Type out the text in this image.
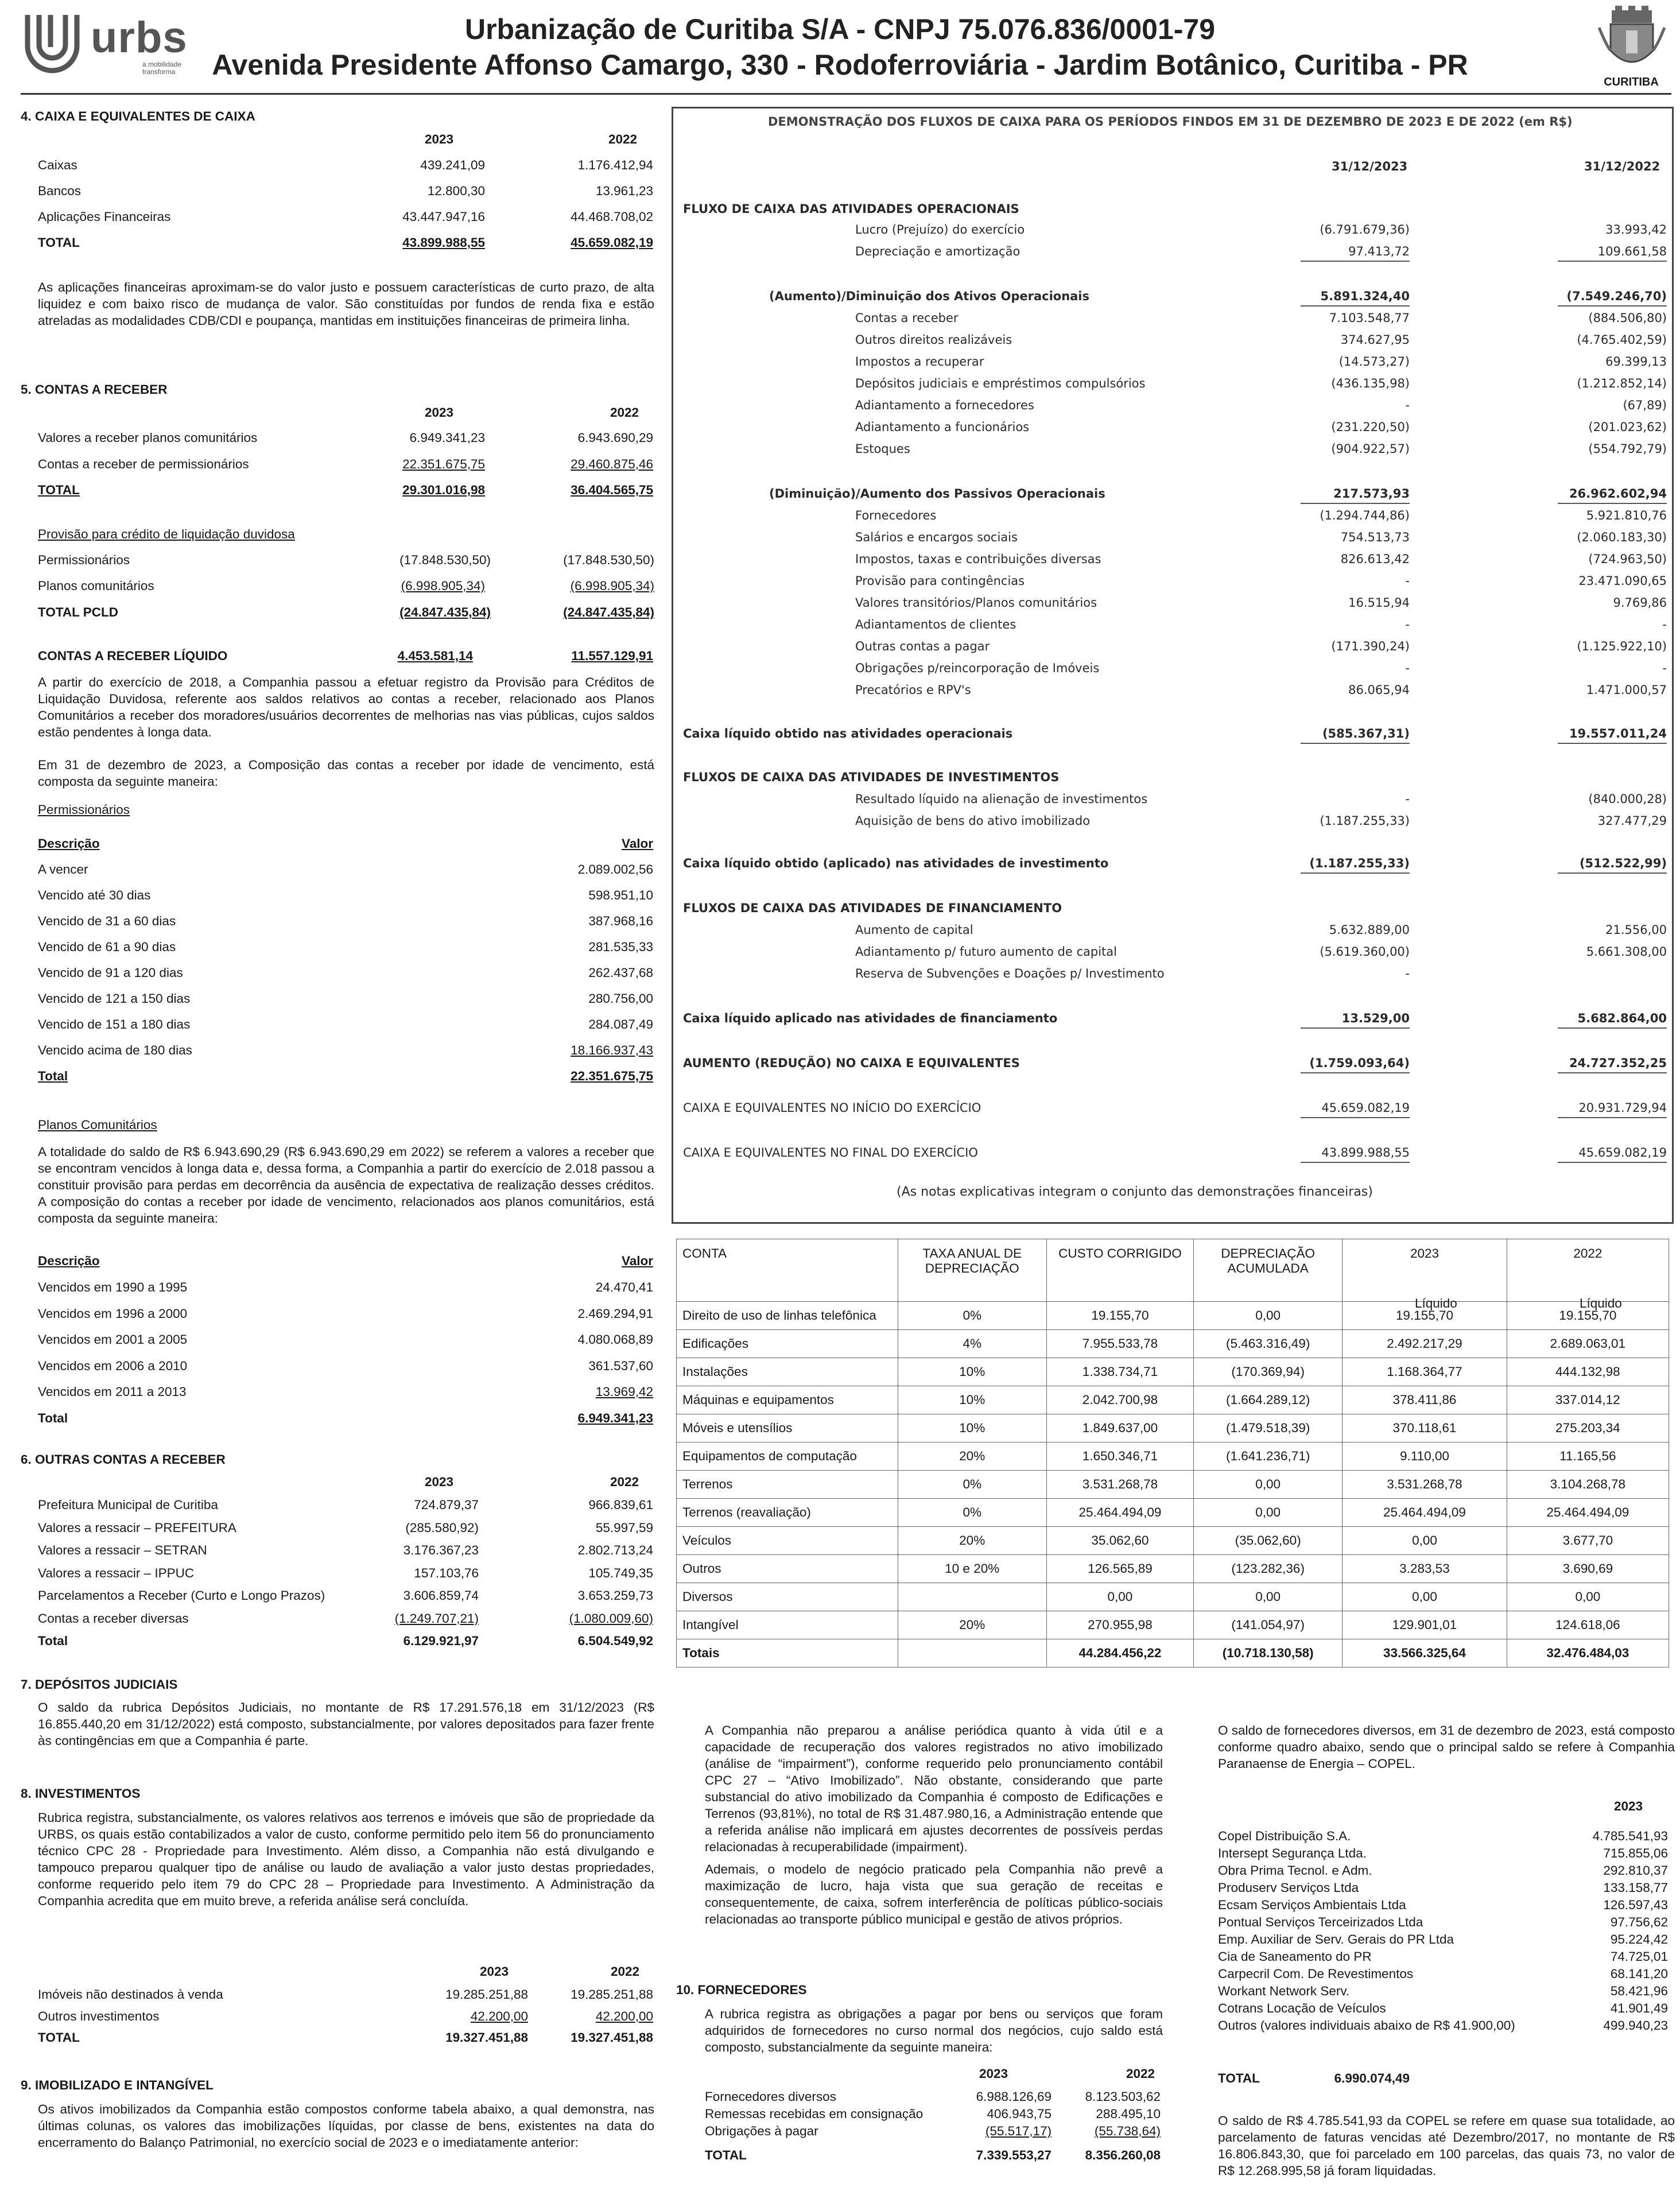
urbs
a mobilidade transforma
Urbanização de Curitiba S/A - CNPJ 75.076.836/0001-79
Avenida Presidente Affonso Camargo, 330 - Rodoferroviária - Jardim Botânico, Curitiba - PR
CURITIBA
4. CAIXA E EQUIVALENTES DE CAIXA
2023	2022
Caixas	439.241,09	1.176.412,94
Bancos	12.800,30	13.961,23
Aplicações Financeiras	43.447.947,16	44.468.708,02
TOTAL	43.899.988,55	45.659.082,19
As aplicações financeiras aproximam-se do valor justo e possuem características de curto prazo, de alta liquidez e com baixo risco de mudança de valor. São constituídas por fundos de renda fixa e estão atreladas as modalidades CDB/CDI e poupança, mantidas em instituições financeiras de primeira linha.
5. CONTAS A RECEBER
2023	2022
Valores a receber planos comunitários	6.949.341,23	6.943.690,29
Contas a receber de permissionários	22.351.675,75	29.460.875,46
TOTAL	29.301.016,98	36.404.565,75
Provisão para crédito de liquidação duvidosa
Permissionários	(17.848.530,50)	(17.848.530,50)
Planos comunitários	(6.998.905,34)	(6.998.905,34)
TOTAL PCLD	(24.847.435,84)	(24.847.435,84)
CONTAS A RECEBER LÍQUIDO	4.453.581,14	11.557.129,91
A partir do exercício de 2018, a Companhia passou a efetuar registro da Provisão para Créditos de Liquidação Duvidosa, referente aos saldos relativos ao contas a receber, relacionado aos Planos Comunitários a receber dos moradores/usuários decorrentes de melhorias nas vias públicas, cujos saldos estão pendentes à longa data.
Em 31 de dezembro de 2023, a Composição das contas a receber por idade de vencimento, está composta da seguinte maneira:
Permissionários
Descrição	Valor
A vencer	2.089.002,56
Vencido até 30 dias	598.951,10
Vencido de 31 a 60 dias	387.968,16
Vencido de 61 a 90 dias	281.535,33
Vencido de 91 a 120 dias	262.437,68
Vencido de 121 a 150 dias	280.756,00
Vencido de 151 a 180 dias	284.087,49
Vencido acima de 180 dias	18.166.937,43
Total	22.351.675,75
Planos Comunitários
A totalidade do saldo de R$ 6.943.690,29 (R$ 6.943.690,29 em 2022) se referem a valores a receber que se encontram vencidos à longa data e, dessa forma, a Companhia a partir do exercício de 2.018 passou a constituir provisão para perdas em decorrência da ausência de expectativa de realização desses créditos. A composição do contas a receber por idade de vencimento, relacionados aos planos comunitários, está composta da seguinte maneira:
Descrição	Valor
Vencidos em 1990 a 1995	24.470,41
Vencidos em 1996 a 2000	2.469.294,91
Vencidos em 2001 a 2005	4.080.068,89
Vencidos em 2006 a 2010	361.537,60
Vencidos em 2011 a 2013	13.969,42
Total	6.949.341,23
6. OUTRAS CONTAS A RECEBER
2023	2022
Prefeitura Municipal de Curitiba	724.879,37	966.839,61
Valores a ressacir – PREFEITURA	(285.580,92)	55.997,59
Valores a ressacir – SETRAN	3.176.367,23	2.802.713,24
Valores a ressacir – IPPUC	157.103,76	105.749,35
Parcelamentos a Receber (Curto e Longo Prazos)	3.606.859,74	3.653.259,73
Contas a receber diversas	(1.249.707,21)	(1.080.009,60)
Total	6.129.921,97	6.504.549,92
7. DEPÓSITOS JUDICIAIS
O saldo da rubrica Depósitos Judiciais, no montante de R$ 17.291.576,18 em 31/12/2023 (R$ 16.855.440,20 em 31/12/2022) está composto, substancialmente, por valores depositados para fazer frente às contingências em que a Companhia é parte.
8. INVESTIMENTOS
Rubrica registra, substancialmente, os valores relativos aos terrenos e imóveis que são de propriedade da URBS, os quais estão contabilizados a valor de custo, conforme permitido pelo item 56 do pronunciamento técnico CPC 28 - Propriedade para Investimento. Além disso, a Companhia não está divulgando e tampouco preparou qualquer tipo de análise ou laudo de avaliação a valor justo destas propriedades, conforme requerido pelo item 79 do CPC 28 – Propriedade para Investimento. A Administração da Companhia acredita que em muito breve, a referida análise será concluída.
2023	2022
Imóveis não destinados à venda	19.285.251,88	19.285.251,88
Outros investimentos	42.200,00	42.200,00
TOTAL	19.327.451,88	19.327.451,88
9. IMOBILIZADO E INTANGÍVEL
Os ativos imobilizados da Companhia estão compostos conforme tabela abaixo, a qual demonstra, nas últimas colunas, os valores das imobilizações líquidas, por classe de bens, existentes na data do encerramento do Balanço Patrimonial, no exercício social de 2023 e o imediatamente anterior:
DEMONSTRAÇÃO DOS FLUXOS DE CAIXA PARA OS PERÍODOS FINDOS EM 31 DE DEZEMBRO DE 2023 E DE 2022 (em R$)
31/12/2023	31/12/2022
FLUXO DE CAIXA DAS ATIVIDADES OPERACIONAIS
Lucro (Prejuízo) do exercício	(6.791.679,36)	33.993,42
Depreciação e amortização	97.413,72	109.661,58
(Aumento)/Diminuição dos Ativos Operacionais	5.891.324,40	(7.549.246,70)
Contas a receber	7.103.548,77	(884.506,80)
Outros direitos realizáveis	374.627,95	(4.765.402,59)
Impostos a recuperar	(14.573,27)	69.399,13
Depósitos judiciais e empréstimos compulsórios	(436.135,98)	(1.212.852,14)
Adiantamento a fornecedores	-	(67,89)
Adiantamento a funcionários	(231.220,50)	(201.023,62)
Estoques	(904.922,57)	(554.792,79)
(Diminuição)/Aumento dos Passivos Operacionais	217.573,93	26.962.602,94
Fornecedores	(1.294.744,86)	5.921.810,76
Salários e encargos sociais	754.513,73	(2.060.183,30)
Impostos, taxas e contribuições diversas	826.613,42	(724.963,50)
Provisão para contingências	-	23.471.090,65
Valores transitórios/Planos comunitários	16.515,94	9.769,86
Adiantamentos de clientes	-	-
Outras contas a pagar	(171.390,24)	(1.125.922,10)
Obrigações p/reincorporação de Imóveis	-	-
Precatórios e RPV's	86.065,94	1.471.000,57
Caixa líquido obtido nas atividades operacionais	(585.367,31)	19.557.011,24
FLUXOS DE CAIXA DAS ATIVIDADES DE INVESTIMENTOS
Resultado líquido na alienação de investimentos	-	(840.000,28)
Aquisição de bens do ativo imobilizado	(1.187.255,33)	327.477,29
Caixa líquido obtido (aplicado) nas atividades de investimento	(1.187.255,33)	(512.522,99)
FLUXOS DE CAIXA DAS ATIVIDADES DE FINANCIAMENTO
Aumento de capital	5.632.889,00	21.556,00
Adiantamento p/ futuro aumento de capital	(5.619.360,00)	5.661.308,00
Reserva de Subvenções e Doações p/ Investimento	-
Caixa líquido aplicado nas atividades de financiamento	13.529,00	5.682.864,00
AUMENTO (REDUÇÃO) NO CAIXA E EQUIVALENTES	(1.759.093,64)	24.727.352,25
CAIXA E EQUIVALENTES NO INÍCIO DO EXERCÍCIO	45.659.082,19	20.931.729,94
CAIXA E EQUIVALENTES NO FINAL DO EXERCÍCIO	43.899.988,55	45.659.082,19
(As notas explicativas integram o conjunto das demonstrações financeiras)
CONTA	TAXA ANUAL DE DEPRECIAÇÃO	CUSTO CORRIGIDO	DEPRECIAÇÃO ACUMULADA	2023	2022
Direito de uso de linhas telefônica	0%	19.155,70	0,00	19.155,70	19.155,70
Edificações	4%	7.955.533,78	(5.463.316,49)	2.492.217,29	2.689.063,01
Instalações	10%	1.338.734,71	(170.369,94)	1.168.364,77	444.132,98
Máquinas e equipamentos	10%	2.042.700,98	(1.664.289,12)	378.411,86	337.014,12
Móveis e utensílios	10%	1.849.637,00	(1.479.518,39)	370.118,61	275.203,34
Equipamentos de computação	20%	1.650.346,71	(1.641.236,71)	9.110,00	11.165,56
Terrenos	0%	3.531.268,78	0,00	3.531.268,78	3.104.268,78
Terrenos (reavaliação)	0%	25.464.494,09	0,00	25.464.494,09	25.464.494,09
Veículos	20%	35.062,60	(35.062,60)	0,00	3.677,70
Outros	10 e 20%	126.565,89	(123.282,36)	3.283,53	3.690,69
Diversos		0,00	0,00	0,00	0,00
Intangível	20%	270.955,98	(141.054,97)	129.901,01	124.618,06
Totais		44.284.456,22	(10.718.130,58)	33.566.325,64	32.476.484,03
Líquido	Líquido
A Companhia não preparou a análise periódica quanto à vida útil e a capacidade de recuperação dos valores registrados no ativo imobilizado (análise de “impairment”), conforme requerido pelo pronunciamento contábil CPC 27 – “Ativo Imobilizado”. Não obstante, considerando que parte substancial do ativo imobilizado da Companhia é composto de Edificações e Terrenos (93,81%), no total de R$ 31.487.980,16, a Administração entende que a referida análise não implicará em ajustes decorrentes de possíveis perdas relacionadas à recuperabilidade (impairment).
Ademais, o modelo de negócio praticado pela Companhia não prevê a maximização de lucro, haja vista que sua geração de receitas e consequentemente, de caixa, sofrem interferência de políticas público-sociais relacionadas ao transporte público municipal e gestão de ativos próprios.
10. FORNECEDORES
A rubrica registra as obrigações a pagar por bens ou serviços que foram adquiridos de fornecedores no curso normal dos negócios, cujo saldo está composto, substancialmente da seguinte maneira:
2023	2022
Fornecedores diversos	6.988.126,69	8.123.503,62
Remessas recebidas em consignação	406.943,75	288.495,10
Obrigações à pagar	(55.517,17)	(55.738,64)
TOTAL	7.339.553,27	8.356.260,08
O saldo de fornecedores diversos, em 31 de dezembro de 2023, está composto conforme quadro abaixo, sendo que o principal saldo se refere à Companhia Paranaense de Energia – COPEL.
2023
Copel Distribuição S.A.	4.785.541,93
Intersept Segurança Ltda.	715.855,06
Obra Prima Tecnol. e Adm.	292.810,37
Produserv Serviços Ltda	133.158,77
Ecsam Serviços Ambientais Ltda	126.597,43
Pontual Serviços Terceirizados Ltda	97.756,62
Emp. Auxiliar de Serv. Gerais do PR Ltda	95.224,42
Cia de Saneamento do PR	74.725,01
Carpecril Com. De Revestimentos	68.141,20
Workant Network Serv.	58.421,96
Cotrans Locação de Veículos	41.901,49
Outros (valores individuais abaixo de R$ 41.900,00)	499.940,23
TOTAL	6.990.074,49
O saldo de R$ 4.785.541,93 da COPEL se refere em quase sua totalidade, ao parcelamento de faturas vencidas até Dezembro/2017, no montante de R$ 16.806.843,30, que foi parcelado em 100 parcelas, das quais 73, no valor de R$ 12.268.995,58 já foram liquidadas.
